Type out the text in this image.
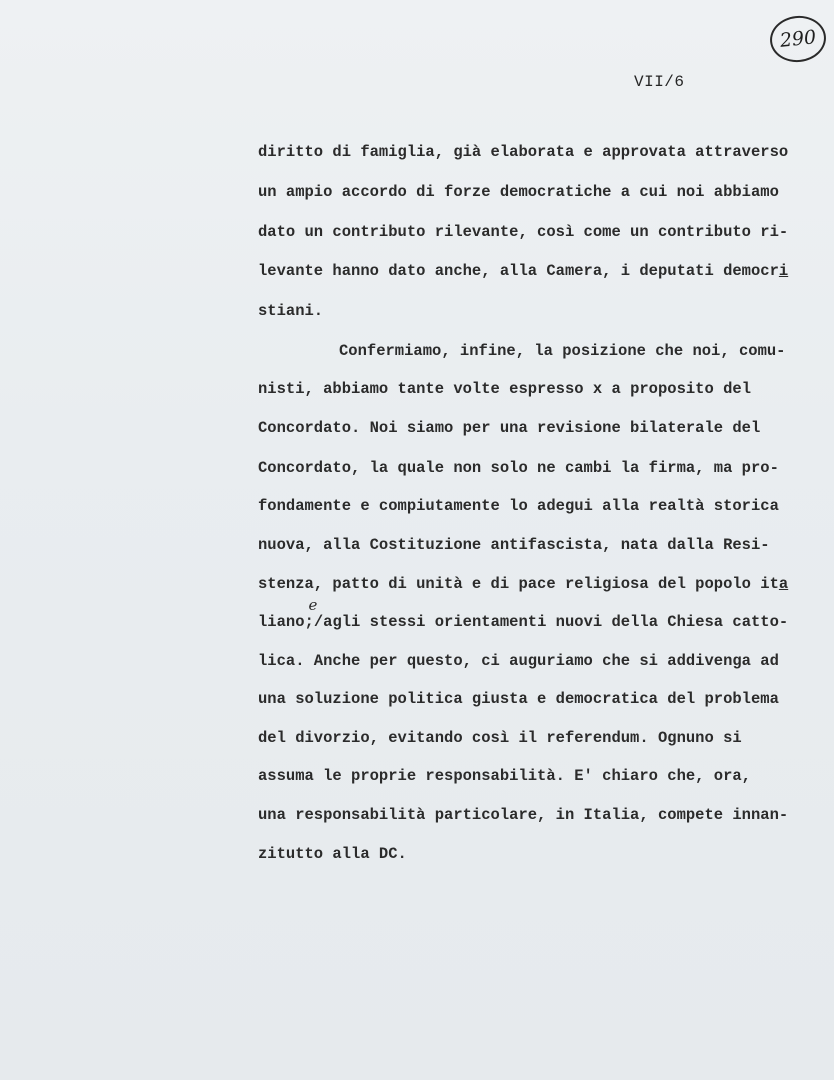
290
VII/6
diritto di famiglia, già elaborata e approvata attraverso
un ampio accordo di forze democratiche a cui noi abbiamo
dato un contributo rilevante, così come un contributo ri-
levante hanno dato anche, alla Camera, i deputati democri
stiani.
Confermiamo, infine, la posizione che noi, comu-
nisti, abbiamo tante volte espresso x a proposito del
Concordato. Noi siamo per una revisione bilaterale del
Concordato, la quale non solo ne cambi la firma, ma pro-
fondamente e compiutamente lo adegui alla realtà storica
nuova, alla Costituzione antifascista, nata dalla Resi-
stenza, patto di unità e di pace religiosa del popolo ita
liano;
e
/agli stessi orientamenti nuovi della Chiesa catto-
lica. Anche per questo, ci auguriamo che si addivenga ad
una soluzione politica giusta e democratica del problema
del divorzio, evitando così il referendum. Ognuno si
assuma le proprie responsabilità. E' chiaro che, ora,
una responsabilità particolare, in Italia, compete innan-
zitutto alla DC.
